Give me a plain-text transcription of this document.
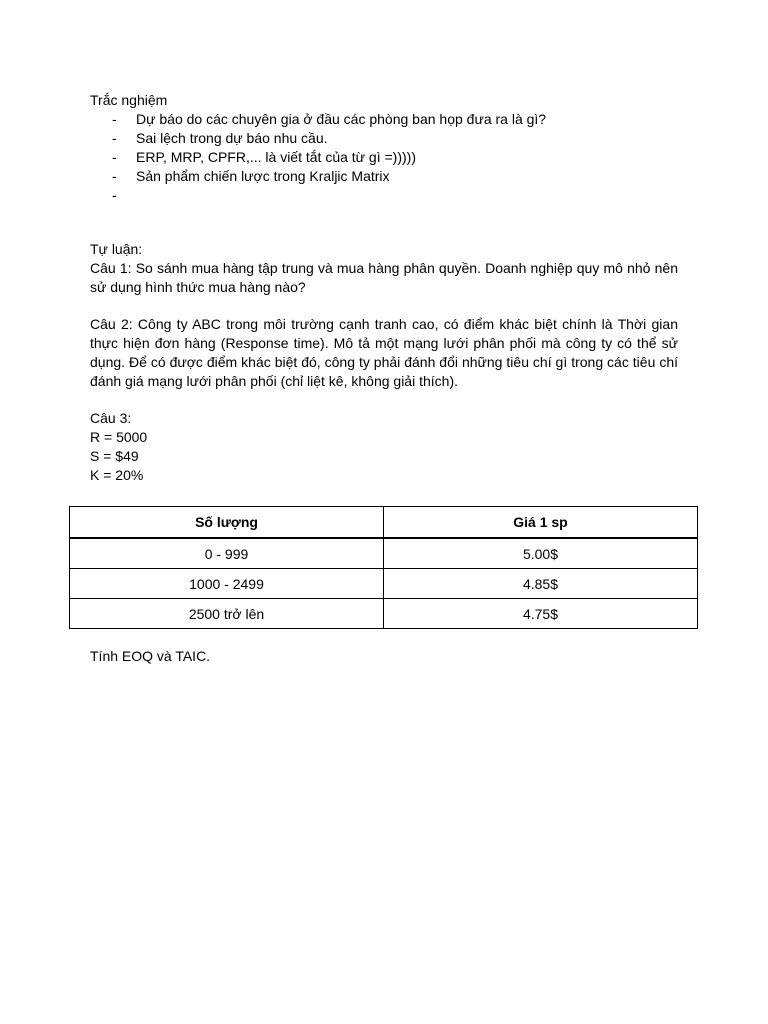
Trắc nghiệm
- Dự báo do các chuyên gia ở đầu các phòng ban họp đưa ra là gì?
- Sai lệch trong dự báo nhu cầu.
- ERP, MRP, CPFR,... là viết tắt của từ gì =)))))
- Sản phẩm chiến lược trong Kraljic Matrix
-
Tự luận:

Câu 1: So sánh mua hàng tập trung và mua hàng phân quyền. Doanh nghiệp quy mô nhỏ nên sử dụng hình thức mua hàng nào?

Câu 2: Công ty ABC trong môi trường cạnh tranh cao, có điểm khác biệt chính là Thời gian thực hiện đơn hàng (Response time). Mô tả một mạng lưới phân phối mà công ty có thể sử dụng. Để có được điểm khác biệt đó, công ty phải đánh đổi những tiêu chí gì trong các tiêu chí đánh giá mạng lưới phân phối (chỉ liệt kê, không giải thích).

Câu 3:
R = 5000
S = $49
K = 20%
Số lượng	Giá 1 sp
0 - 999	5.00$
1000 - 2499	4.85$
2500 trở lên	4.75$
Tính EOQ và TAIC.
